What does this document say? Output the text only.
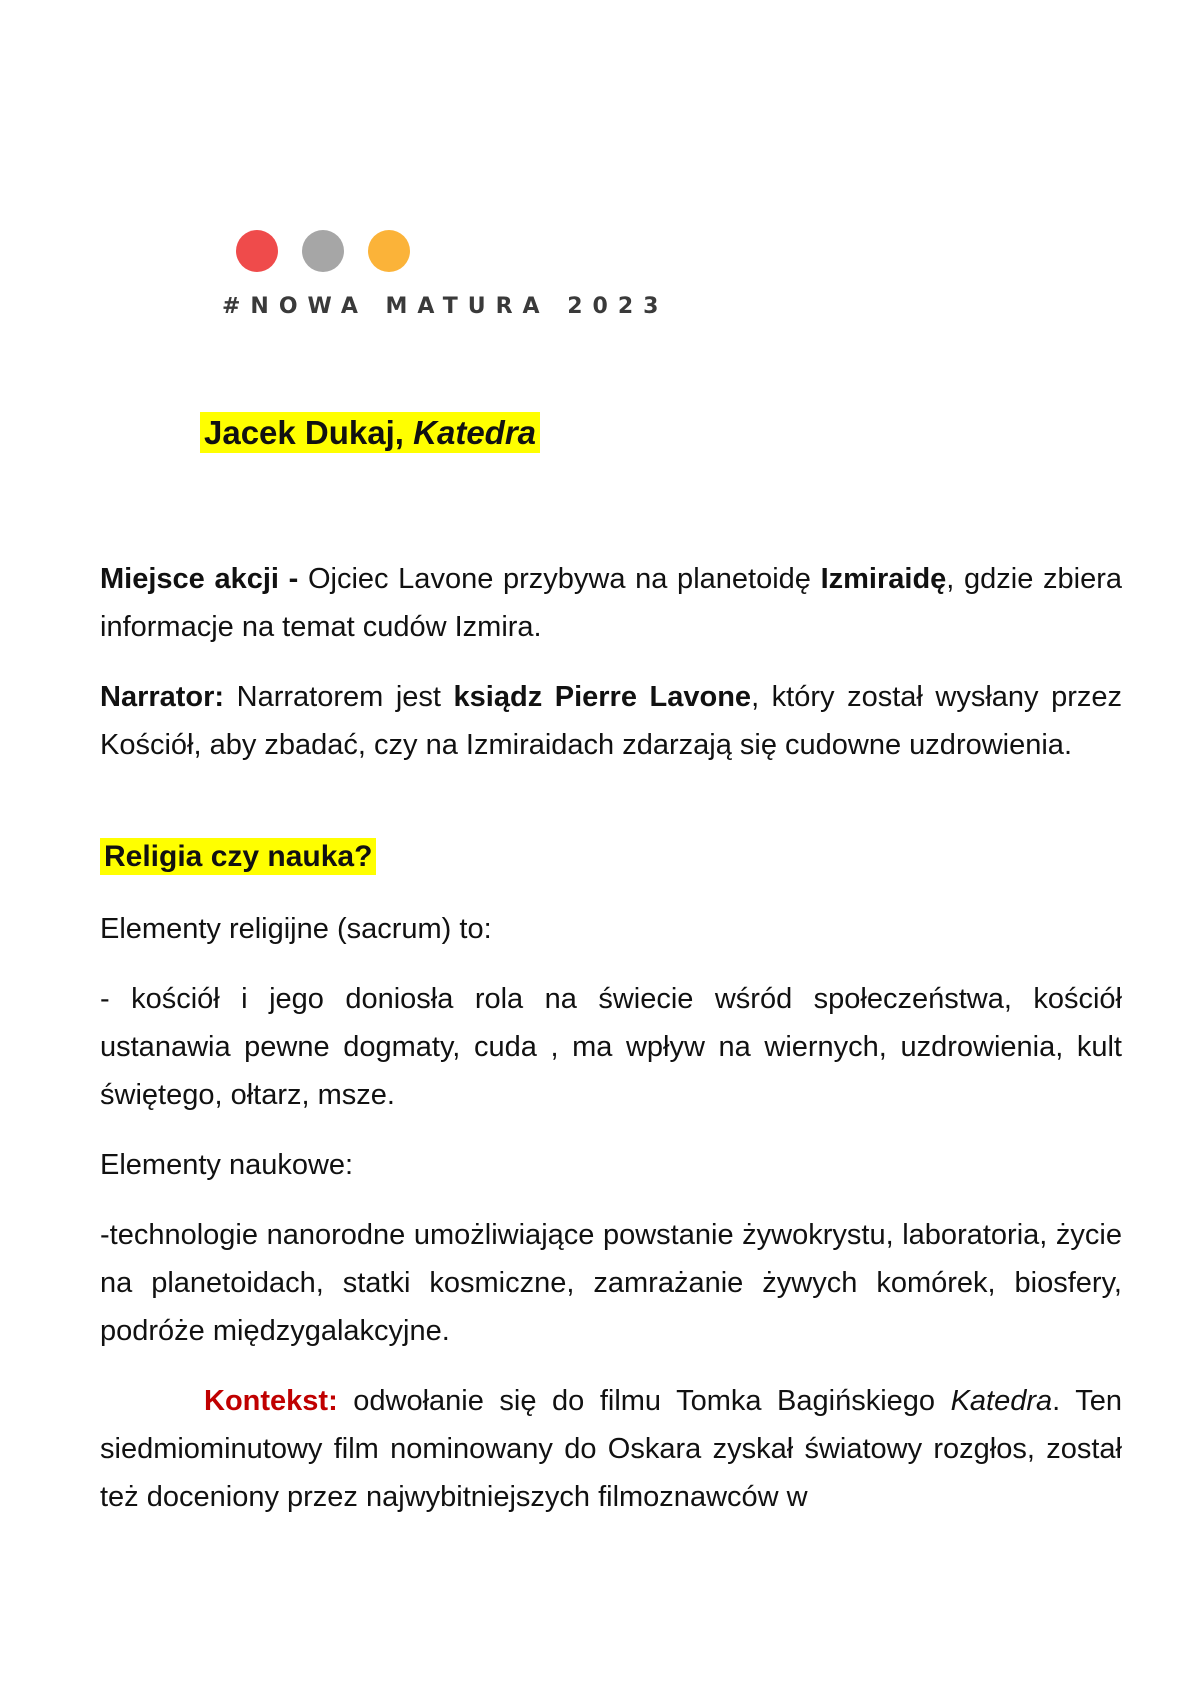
#NOWA MATURA 2023
Jacek Dukaj, Katedra

Miejsce akcji - Ojciec Lavone przybywa na planetoidę Izmiraidę, gdzie zbiera informacje na temat cudów Izmira.

Narrator: Narratorem jest ksiądz Pierre Lavone, który został wysłany przez Kościół, aby zbadać, czy na Izmiraidach zdarzają się cudowne uzdrowienia.

Religia czy nauka?

Elementy religijne (sacrum) to:

- kościół i jego doniosła rola na świecie wśród społeczeństwa, kościół ustanawia pewne dogmaty, cuda , ma wpływ na wiernych, uzdrowienia, kult świętego, ołtarz, msze.

Elementy naukowe:

-technologie nanorodne umożliwiające powstanie żywokrystu, laboratoria, życie na planetoidach, statki kosmiczne, zamrażanie żywych komórek, biosfery, podróże międzygalakcyjne.

Kontekst: odwołanie się do filmu Tomka Bagińskiego Katedra. Ten siedmiominutowy film nominowany do Oskara zyskał światowy rozgłos, został też doceniony przez najwybitniejszych filmoznawców w
